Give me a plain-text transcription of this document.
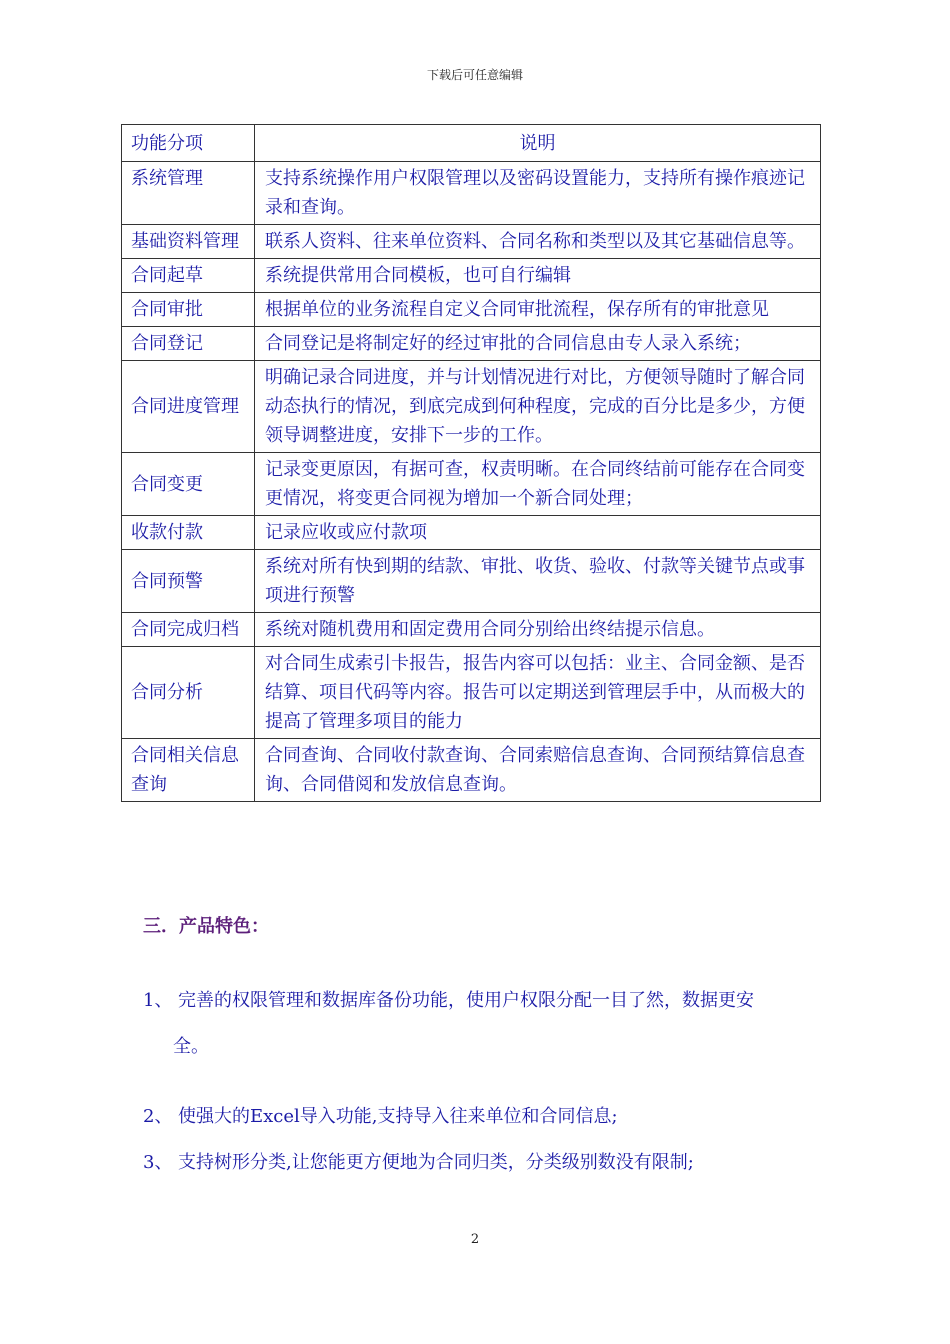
下载后可任意编辑
功能分项	说明
系统管理	支持系统操作用户权限管理以及密码设置能力，支持所有操作痕迹记录和查询。
基础资料管理	联系人资料、往来单位资料、合同名称和类型以及其它基础信息等。
合同起草	系统提供常用合同模板，也可自行编辑
合同审批	根据单位的业务流程自定义合同审批流程，保存所有的审批意见
合同登记	合同登记是将制定好的经过审批的合同信息由专人录入系统；
合同进度管理	明确记录合同进度，并与计划情况进行对比，方便领导随时了解合同动态执行的情况，到底完成到何种程度，完成的百分比是多少，方便领导调整进度，安排下一步的工作。
合同变更	记录变更原因，有据可查，权责明晰。在合同终结前可能存在合同变更情况，将变更合同视为增加一个新合同处理；
收款付款	记录应收或应付款项
合同预警	系统对所有快到期的结款、审批、收货、验收、付款等关键节点或事项进行预警
合同完成归档	系统对随机费用和固定费用合同分别给出终结提示信息。
合同分析	对合同生成索引卡报告，报告内容可以包括：业主、合同金额、是否结算、项目代码等内容。报告可以定期送到管理层手中，从而极大的提高了管理多项目的能力
合同相关信息查询	合同查询、合同收付款查询、合同索赔信息查询、合同预结算信息查询、合同借阅和发放信息查询。
三．产品特色：
1、 完善的权限管理和数据库备份功能，使用户权限分配一目了然，数据更安
全。
2、 使强大的Excel导入功能,支持导入往来单位和合同信息;
3、 支持树形分类,让您能更方便地为合同归类，分类级别数没有限制;
2
